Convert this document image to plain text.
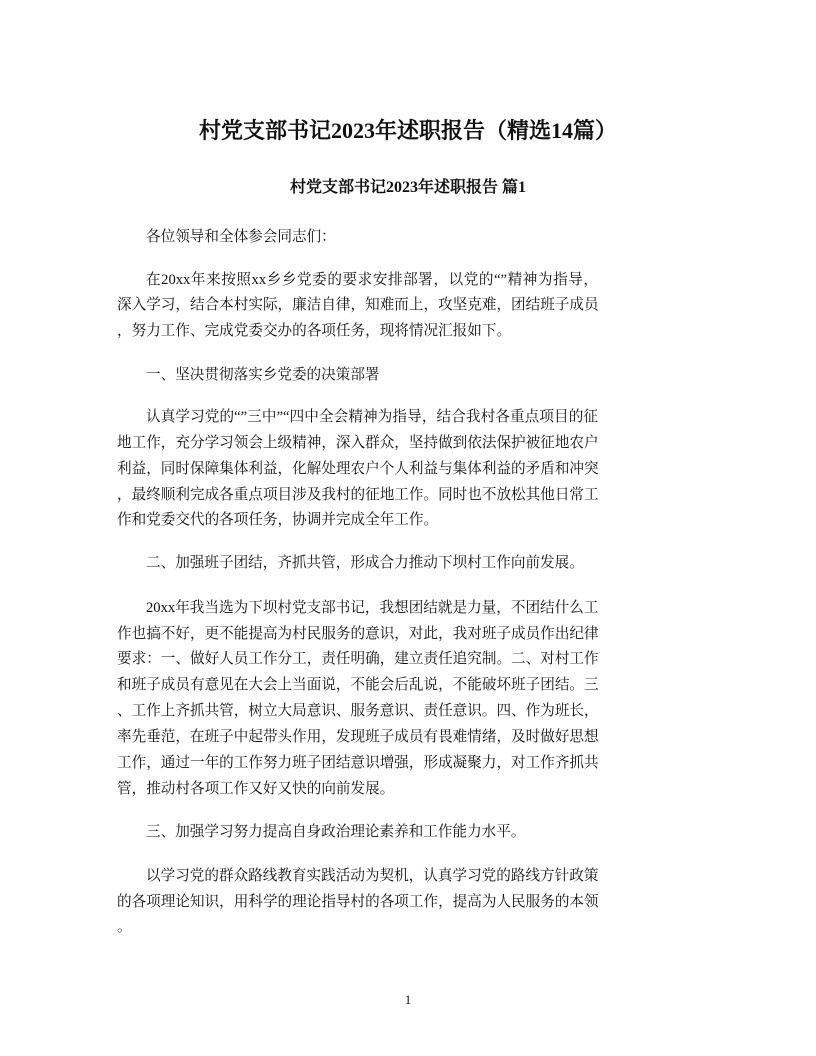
村党支部书记2023年述职报告（精选14篇）
村党支部书记2023年述职报告 篇1
各位领导和全体参会同志们：
在20xx年来按照xx乡乡党委的要求安排部署，以党的“”精神为指导，
深入学习，结合本村实际，廉洁自律，知难而上，攻坚克难，团结班子成员
，努力工作、完成党委交办的各项任务，现将情况汇报如下。
一、坚决贯彻落实乡党委的决策部署
认真学习党的“”三中”“四中全会精神为指导，结合我村各重点项目的征
地工作，充分学习领会上级精神，深入群众，坚持做到依法保护被征地农户
利益，同时保障集体利益，化解处理农户个人利益与集体利益的矛盾和冲突
，最终顺利完成各重点项目涉及我村的征地工作。同时也不放松其他日常工
作和党委交代的各项任务，协调并完成全年工作。
二、加强班子团结，齐抓共管，形成合力推动下坝村工作向前发展。
20xx年我当选为下坝村党支部书记，我想团结就是力量，不团结什么工
作也搞不好，更不能提高为村民服务的意识，对此，我对班子成员作出纪律
要求：一、做好人员工作分工，责任明确，建立责任追究制。二、对村工作
和班子成员有意见在大会上当面说，不能会后乱说，不能破坏班子团结。三
、工作上齐抓共管，树立大局意识、服务意识、责任意识。四、作为班长，
率先垂范，在班子中起带头作用，发现班子成员有畏难情绪，及时做好思想
工作，通过一年的工作努力班子团结意识增强，形成凝聚力，对工作齐抓共
管，推动村各项工作又好又快的向前发展。
三、加强学习努力提高自身政治理论素养和工作能力水平。
以学习党的群众路线教育实践活动为契机，认真学习党的路线方针政策
的各项理论知识，用科学的理论指导村的各项工作，提高为人民服务的本领
。
1
